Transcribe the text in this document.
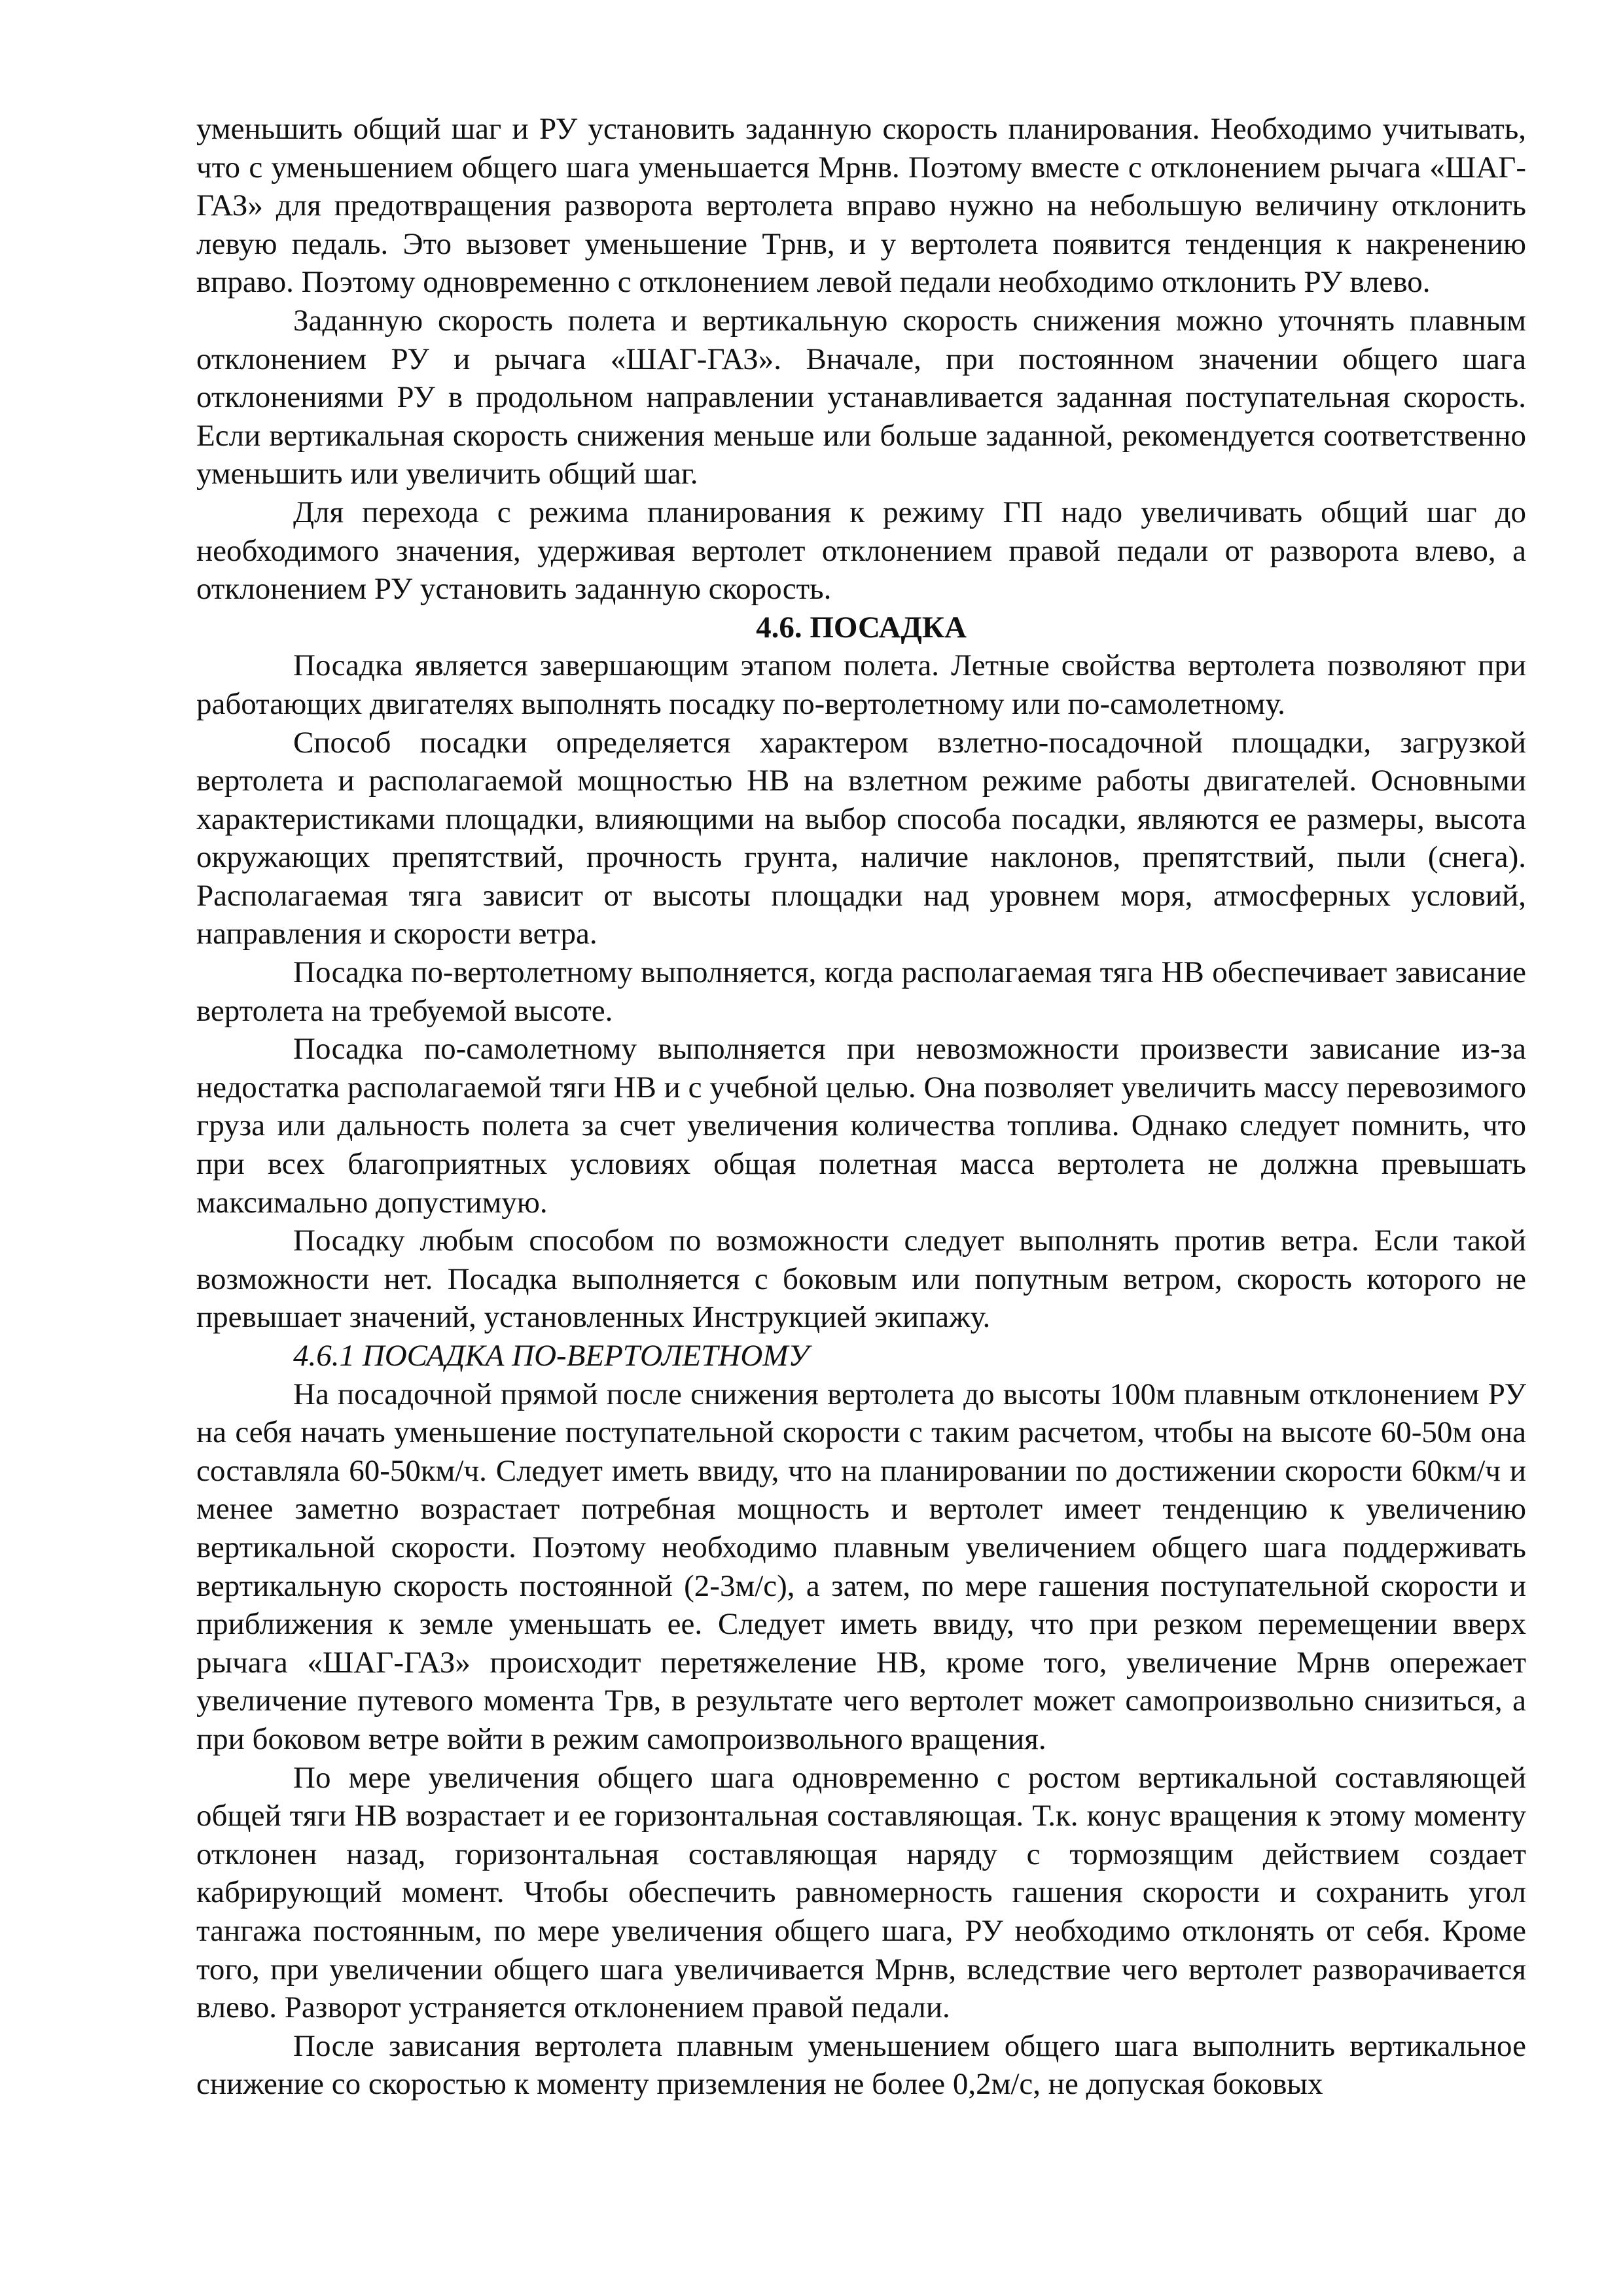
уменьшить общий шаг и РУ установить заданную скорость планирования. Необходимо учитывать, что с уменьшением общего шага уменьшается Mрнв. Поэтому вместе с отклонением рычага «ШАГ-ГАЗ» для предотвращения разворота вертолета вправо нужно на небольшую величину отклонить левую педаль. Это вызовет уменьшение Tрнв, и у вертолета появится тенденция к накренению вправо. Поэтому одновременно с отклонением левой педали необходимо отклонить РУ влево.

Заданную скорость полета и вертикальную скорость снижения можно уточнять плавным отклонением РУ и рычага «ШАГ-ГАЗ». Вначале, при постоянном значении общего шага отклонениями РУ в продольном направлении устанавливается заданная поступательная скорость. Если вертикальная скорость снижения меньше или больше заданной, рекомендуется соответственно уменьшить или увеличить общий шаг.

Для перехода с режима планирования к режиму ГП надо увеличивать общий шаг до необходимого значения, удерживая вертолет отклонением правой педали от разворота влево, а отклонением РУ установить заданную скорость.

4.6. ПОСАДКА

Посадка является завершающим этапом полета. Летные свойства вертолета позволяют при работающих двигателях выполнять посадку по-вертолетному или по-самолетному.

Способ посадки определяется характером взлетно-посадочной площадки, загрузкой вертолета и располагаемой мощностью НВ на взлетном режиме работы двигателей. Основными характеристиками площадки, влияющими на выбор способа посадки, являются ее размеры, высота окружающих препятствий, прочность грунта, наличие наклонов, препятствий, пыли (снега). Располагаемая тяга зависит от высоты площадки над уровнем моря, атмосферных условий, направления и скорости ветра.

Посадка по-вертолетному выполняется, когда располагаемая тяга НВ обеспечивает зависание вертолета на требуемой высоте.

Посадка по-самолетному выполняется при невозможности произвести зависание из-за недостатка располагаемой тяги НВ и с учебной целью. Она позволяет увеличить массу перевозимого груза или дальность полета за счет увеличения количества топлива. Однако следует помнить, что при всех благоприятных условиях общая полетная масса вертолета не должна превышать максимально допустимую.

Посадку любым способом по возможности следует выполнять против ветра. Если такой возможности нет. Посадка выполняется с боковым или попутным ветром, скорость которого не превышает значений, установленных Инструкцией экипажу.

4.6.1 ПОСАДКА ПО-ВЕРТОЛЕТНОМУ

На посадочной прямой после снижения вертолета до высоты 100м плавным отклонением РУ на себя начать уменьшение поступательной скорости с таким расчетом, чтобы на высоте 60-50м она составляла 60-50км/ч. Следует иметь ввиду, что на планировании по достижении скорости 60км/ч и менее заметно возрастает потребная мощность и вертолет имеет тенденцию к увеличению вертикальной скорости. Поэтому необходимо плавным увеличением общего шага поддерживать вертикальную скорость постоянной (2-3м/с), а затем, по мере гашения поступательной скорости и приближения к земле уменьшать ее. Следует иметь ввиду, что при резком перемещении вверх рычага «ШАГ-ГАЗ» происходит перетяжеление НВ, кроме того, увеличение Mрнв опережает увеличение путевого момента Tрв, в результате чего вертолет может самопроизвольно снизиться, а при боковом ветре войти в режим самопроизвольного вращения.

По мере увеличения общего шага одновременно с ростом вертикальной составляющей общей тяги НВ возрастает и ее горизонтальная составляющая. Т.к. конус вращения к этому моменту отклонен назад, горизонтальная составляющая наряду с тормозящим действием создает кабрирующий момент. Чтобы обеспечить равномерность гашения скорости и сохранить угол тангажа постоянным, по мере увеличения общего шага, РУ необходимо отклонять от себя. Кроме того, при увеличении общего шага увеличивается Mрнв, вследствие чего вертолет разворачивается влево. Разворот устраняется отклонением правой педали.

После зависания вертолета плавным уменьшением общего шага выполнить вертикальное снижение со скоростью к моменту приземления не более 0,2м/с, не допуская боковых
